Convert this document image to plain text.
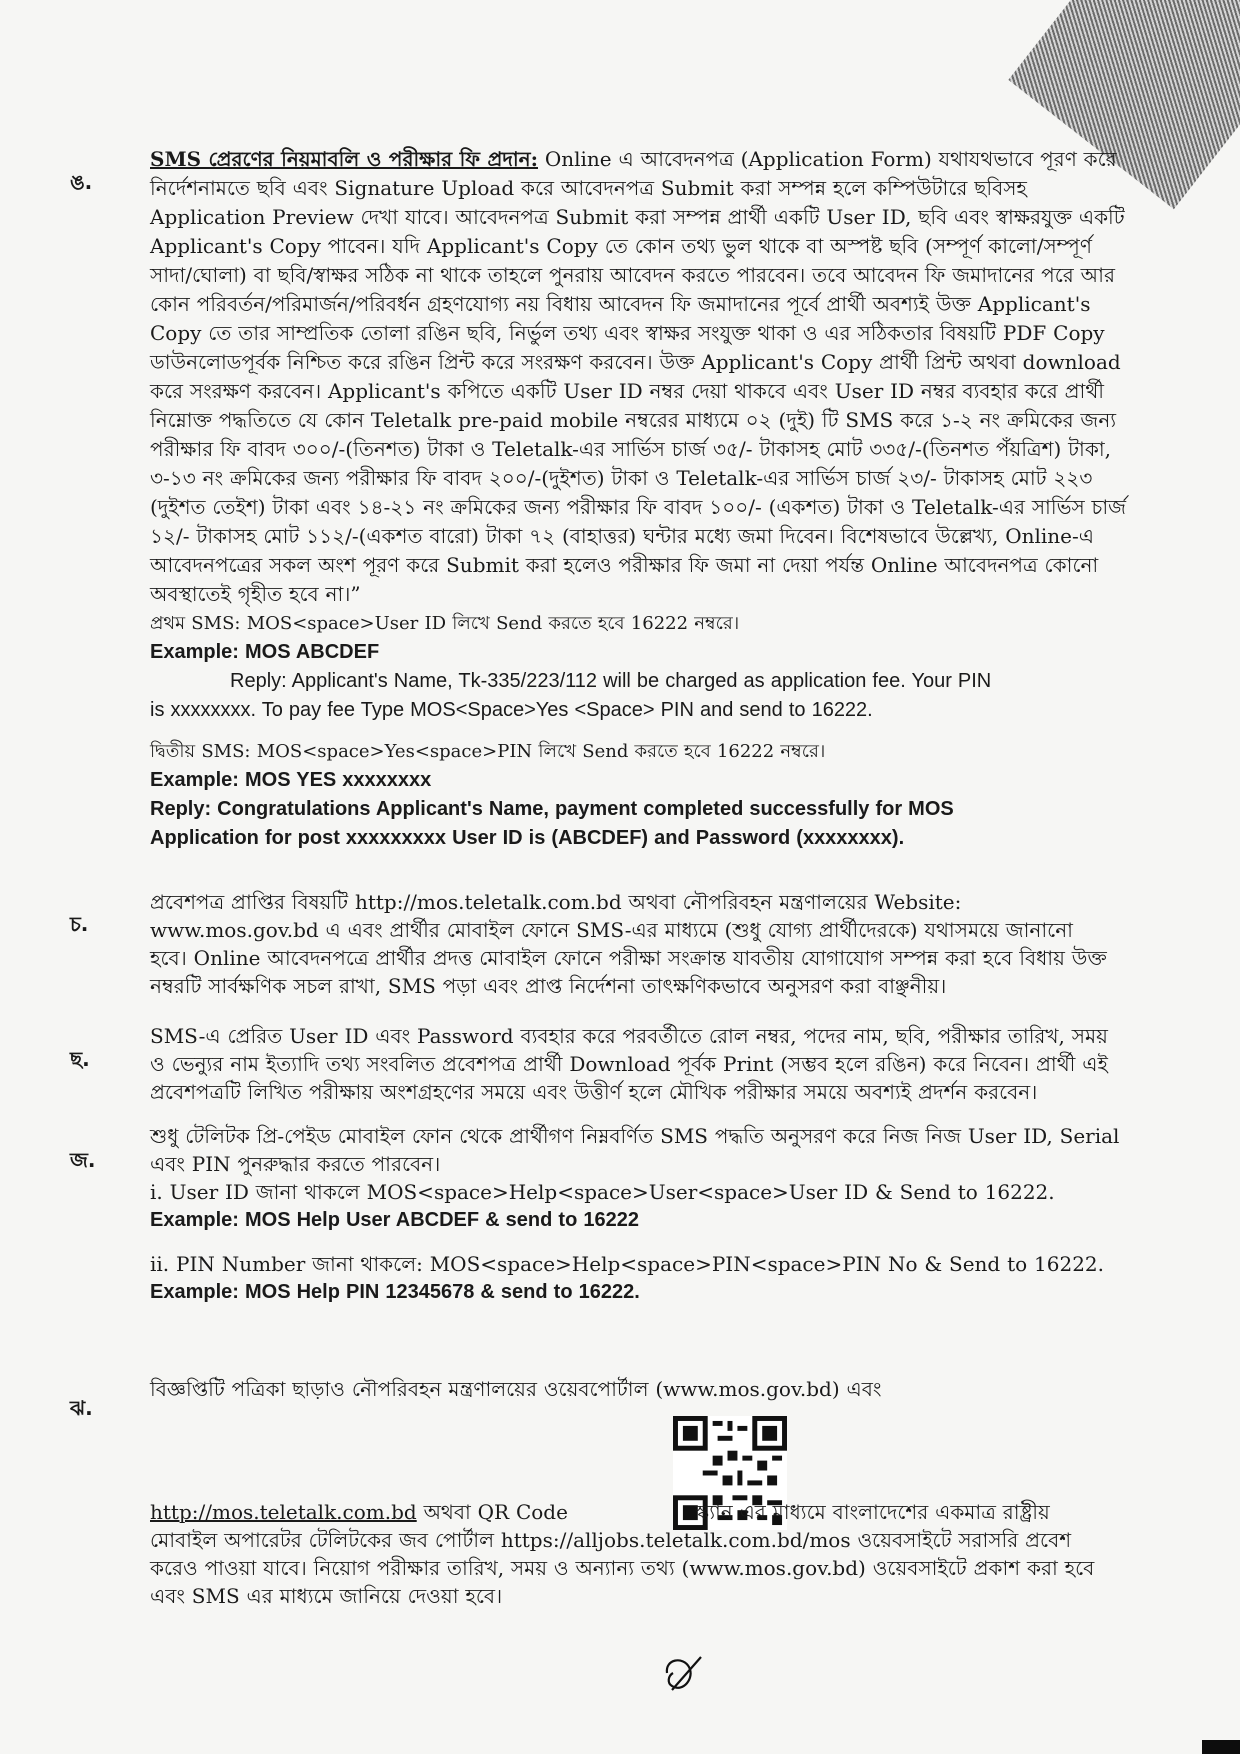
ঙ.
SMS প্রেরণের নিয়মাবলি ও পরীক্ষার ফি প্রদান: Online এ আবেদনপত্র (Application Form) যথাযথভাবে পূরণ করে
নির্দেশনামতে ছবি এবং Signature Upload করে আবেদনপত্র Submit করা সম্পন্ন হলে কম্পিউটারে ছবিসহ
Application Preview দেখা যাবে। আবেদনপত্র Submit করা সম্পন্ন প্রার্থী একটি User ID, ছবি এবং স্বাক্ষরযুক্ত একটি
Applicant's Copy পাবেন। যদি Applicant's Copy তে কোন তথ্য ভুল থাকে বা অস্পষ্ট ছবি (সম্পূর্ণ কালো/সম্পূর্ণ
সাদা/ঘোলা) বা ছবি/স্বাক্ষর সঠিক না থাকে তাহলে পুনরায় আবেদন করতে পারবেন। তবে আবেদন ফি জমাদানের পরে আর
কোন পরিবর্তন/পরিমার্জন/পরিবর্ধন গ্রহণযোগ্য নয় বিধায় আবেদন ফি জমাদানের পূর্বে প্রার্থী অবশ্যই উক্ত Applicant's
Copy তে তার সাম্প্রতিক তোলা রঙিন ছবি, নির্ভুল তথ্য এবং স্বাক্ষর সংযুক্ত থাকা ও এর সঠিকতার বিষয়টি PDF Copy
ডাউনলোডপূর্বক নিশ্চিত করে রঙিন প্রিন্ট করে সংরক্ষণ করবেন। উক্ত Applicant's Copy প্রার্থী প্রিন্ট অথবা download
করে সংরক্ষণ করবেন। Applicant's কপিতে একটি User ID নম্বর দেয়া থাকবে এবং User ID নম্বর ব্যবহার করে প্রার্থী
নিম্নোক্ত পদ্ধতিতে যে কোন Teletalk pre-paid mobile নম্বরের মাধ্যমে ০২ (দুই) টি SMS করে ১-২ নং ক্রমিকের জন্য
পরীক্ষার ফি বাবদ ৩০০/-(তিনশত) টাকা ও Teletalk-এর সার্ভিস চার্জ ৩৫/- টাকাসহ মোট ৩৩৫/-(তিনশত পঁয়ত্রিশ) টাকা,
৩-১৩ নং ক্রমিকের জন্য পরীক্ষার ফি বাবদ ২০০/-(দুইশত) টাকা ও Teletalk-এর সার্ভিস চার্জ ২৩/- টাকাসহ মোট ২২৩
(দুইশত তেইশ) টাকা এবং ১৪-২১ নং ক্রমিকের জন্য পরীক্ষার ফি বাবদ ১০০/- (একশত) টাকা ও Teletalk-এর সার্ভিস চার্জ
১২/- টাকাসহ মোট ১১২/-(একশত বারো) টাকা ৭২ (বাহাত্তর) ঘন্টার মধ্যে জমা দিবেন। বিশেষভাবে উল্লেখ্য, Online-এ
আবেদনপত্রের সকল অংশ পূরণ করে Submit করা হলেও পরীক্ষার ফি জমা না দেয়া পর্যন্ত Online আবেদনপত্র কোনো
অবস্থাতেই গৃহীত হবে না।”
প্রথম SMS: MOS<space>User ID লিখে Send করতে হবে 16222 নম্বরে।
Example: MOS ABCDEF
Reply: Applicant's Name, Tk-335/223/112 will be charged as application fee. Your PIN
is xxxxxxxx. To pay fee Type MOS<Space>Yes <Space> PIN and send to 16222.
দ্বিতীয় SMS: MOS<space>Yes<space>PIN লিখে Send করতে হবে 16222 নম্বরে।
Example: MOS YES xxxxxxxx
Reply: Congratulations Applicant's Name, payment completed successfully for MOS
Application for post xxxxxxxxx User ID is (ABCDEF) and Password (xxxxxxxx).
চ.
প্রবেশপত্র প্রাপ্তির বিষয়টি http://mos.teletalk.com.bd অথবা নৌপরিবহন মন্ত্রণালয়ের Website:
www.mos.gov.bd এ এবং প্রার্থীর মোবাইল ফোনে SMS-এর মাধ্যমে (শুধু যোগ্য প্রার্থীদেরকে) যথাসময়ে জানানো
হবে। Online আবেদনপত্রে প্রার্থীর প্রদত্ত মোবাইল ফোনে পরীক্ষা সংক্রান্ত যাবতীয় যোগাযোগ সম্পন্ন করা হবে বিধায় উক্ত
নম্বরটি সার্বক্ষণিক সচল রাখা, SMS পড়া এবং প্রাপ্ত নির্দেশনা তাৎক্ষণিকভাবে অনুসরণ করা বাঞ্ছনীয়।
ছ.
SMS-এ প্রেরিত User ID এবং Password ব্যবহার করে পরবর্তীতে রোল নম্বর, পদের নাম, ছবি, পরীক্ষার তারিখ, সময়
ও ভেন্যুর নাম ইত্যাদি তথ্য সংবলিত প্রবেশপত্র প্রার্থী Download পূর্বক Print (সম্ভব হলে রঙিন) করে নিবেন। প্রার্থী এই
প্রবেশপত্রটি লিখিত পরীক্ষায় অংশগ্রহণের সময়ে এবং উত্তীর্ণ হলে মৌখিক পরীক্ষার সময়ে অবশ্যই প্রদর্শন করবেন।
জ.
শুধু টেলিটক প্রি-পেইড মোবাইল ফোন থেকে প্রার্থীগণ নিম্নবর্ণিত SMS পদ্ধতি অনুসরণ করে নিজ নিজ User ID, Serial
এবং PIN পুনরুদ্ধার করতে পারবেন।
i. User ID জানা থাকলে MOS<space>Help<space>User<space>User ID & Send to 16222.
Example: MOS Help User ABCDEF & send to 16222
ii. PIN Number জানা থাকলে: MOS<space>Help<space>PIN<space>PIN No & Send to 16222.
Example: MOS Help PIN 12345678 & send to 16222.
ঝ.
বিজ্ঞপ্তিটি পত্রিকা ছাড়াও নৌপরিবহন মন্ত্রণালয়ের ওয়েবপোর্টাল (www.mos.gov.bd) এবং
http://mos.teletalk.com.bd অথবা QR Code	স্ক্যান এর মাধ্যমে বাংলাদেশের একমাত্র রাষ্ট্রীয়
মোবাইল অপারেটর টেলিটকের জব পোর্টাল https://alljobs.teletalk.com.bd/mos ওয়েবসাইটে সরাসরি প্রবেশ
করেও পাওয়া যাবে। নিয়োগ পরীক্ষার তারিখ, সময় ও অন্যান্য তথ্য (www.mos.gov.bd) ওয়েবসাইটে প্রকাশ করা হবে
এবং SMS এর মাধ্যমে জানিয়ে দেওয়া হবে।
